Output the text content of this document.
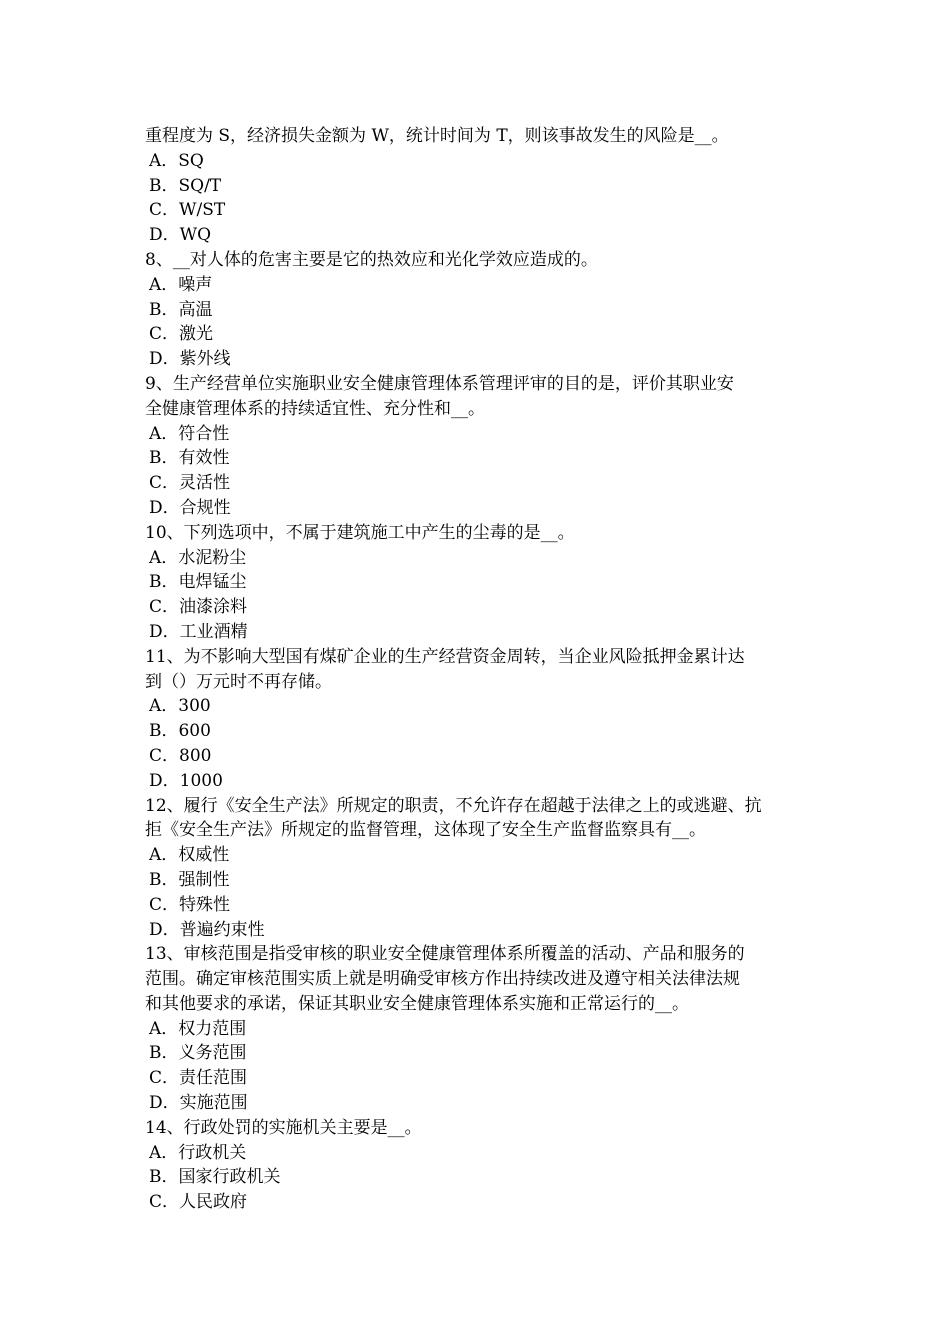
重程度为 S，经济损失金额为 W，统计时间为 T，则该事故发生的风险是__。
A．SQ
B．SQ/T
C．W/ST
D．WQ
8、__对人体的危害主要是它的热效应和光化学效应造成的。
A．噪声
B．高温
C．激光
D．紫外线
9、生产经营单位实施职业安全健康管理体系管理评审的目的是，评价其职业安
全健康管理体系的持续适宜性、充分性和__。
A．符合性
B．有效性
C．灵活性
D．合规性
10、下列选项中，不属于建筑施工中产生的尘毒的是__。
A．水泥粉尘
B．电焊锰尘
C．油漆涂料
D．工业酒精
11、为不影响大型国有煤矿企业的生产经营资金周转，当企业风险抵押金累计达
到（）万元时不再存储。
A．300
B．600
C．800
D．1000
12、履行《安全生产法》所规定的职责，不允许存在超越于法律之上的或逃避、抗
拒《安全生产法》所规定的监督管理，这体现了安全生产监督监察具有__。
A．权威性
B．强制性
C．特殊性
D．普遍约束性
13、审核范围是指受审核的职业安全健康管理体系所覆盖的活动、产品和服务的
范围。确定审核范围实质上就是明确受审核方作出持续改进及遵守相关法律法规
和其他要求的承诺，保证其职业安全健康管理体系实施和正常运行的__。
A．权力范围
B．义务范围
C．责任范围
D．实施范围
14、行政处罚的实施机关主要是__。
A．行政机关
B．国家行政机关
C．人民政府
